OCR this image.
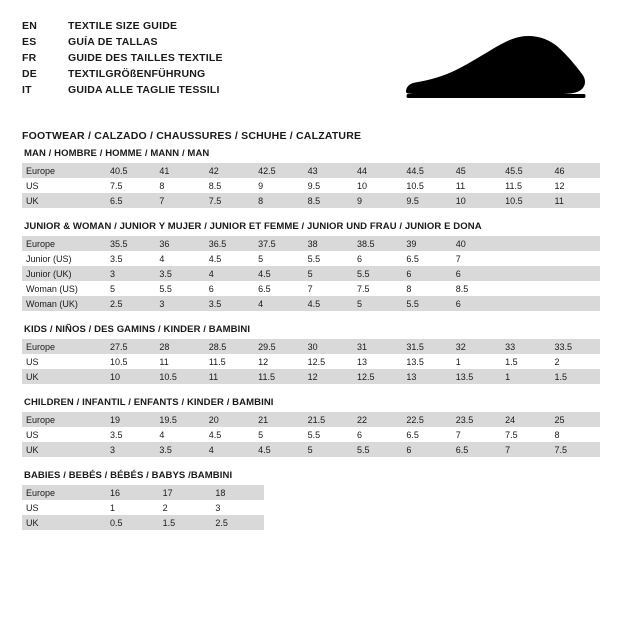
EN	TEXTILE SIZE GUIDE
ES	GUÍA DE TALLAS
FR	GUIDE DES TAILLES TEXTILE
DE	TEXTILGRÖßENFÜHRUNG
IT	GUIDA ALLE TAGLIE TESSILI
FOOTWEAR / CALZADO / CHAUSSURES / SCHUHE / CALZATURE
MAN / HOMBRE / HOMME / MANN / MAN
Europe	40.5	41	42	42.5	43	44	44.5	45	45.5	46
US	7.5	8	8.5	9	9.5	10	10.5	11	11.5	12
UK	6.5	7	7.5	8	8.5	9	9.5	10	10.5	11
JUNIOR & WOMAN / JUNIOR Y MUJER / JUNIOR ET FEMME / JUNIOR UND FRAU / JUNIOR E DONA
Europe	35.5	36	36.5	37.5	38	38.5	39	40		
Junior (US)	3.5	4	4.5	5	5.5	6	6.5	7		
Junior (UK)	3	3.5	4	4.5	5	5.5	6	6		
Woman (US)	5	5.5	6	6.5	7	7.5	8	8.5		
Woman (UK)	2.5	3	3.5	4	4.5	5	5.5	6		
KIDS / NIÑOS / DES GAMINS / KINDER / BAMBINI
Europe	27.5	28	28.5	29.5	30	31	31.5	32	33	33.5
US	10.5	11	11.5	12	12.5	13	13.5	1	1.5	2
UK	10	10.5	11	11.5	12	12.5	13	13.5	1	1.5
CHILDREN / INFANTIL / ENFANTS / KINDER / BAMBINI
Europe	19	19.5	20	21	21.5	22	22.5	23.5	24	25
US	3.5	4	4.5	5	5.5	6	6.5	7	7.5	8
UK	3	3.5	4	4.5	5	5.5	6	6.5	7	7.5
BABIES / BEBÉS / BÉBÉS / BABYS /BAMBINI
Europe	16	17	18
US	1	2	3
UK	0.5	1.5	2.5
